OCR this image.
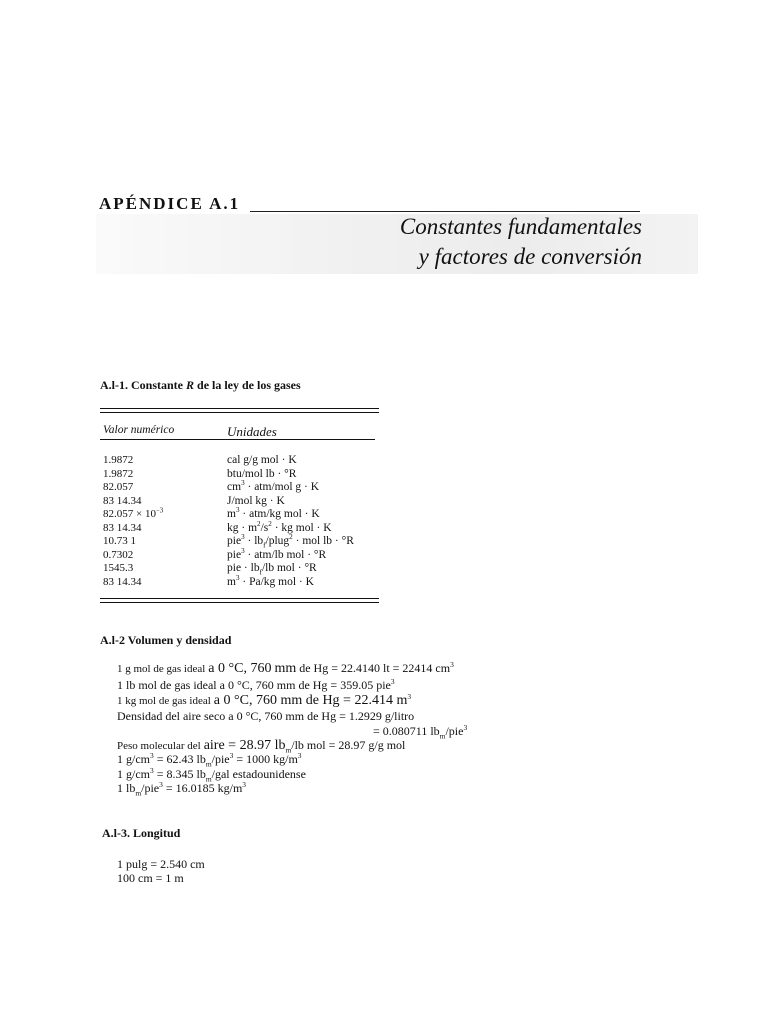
APÉNDICE A.1
Constantes fundamentales
y factores de conversión
A.l-1. Constante R de la ley de los gases
Valor numérico	Unidades
1.9872
1.9872
82.057
83 14.34
$82.057 \times 10^{-3}$
83 14.34
10.73 1
0.7302
1545.3
83 14.34
cal g/g mol · K
btu/mol lb · °R
$cm^3 \cdot atm/mol$ g · K
J/mol kg · K
$m^3 \cdot atm/kg$ mol · K
kg · $m^2/s^2$ · kg mol · K
$pie^3 \cdot lb_f/plug^2$ · mol lb · °R
pie$^3$ · atm/lb mol · °R
pie · $lb_f/lb$ mol · °R
$m^3 \cdot Pa/kg$ mol · K
A.l-2 Volumen y densidad
1 g mol de gas ideal a 0 °C, 760 mm de Hg = 22.4140 lt = 22414 $cm^3$
1 lb mol de gas ideal a 0 °C, 760 mm de Hg = 359.05 pie$^3$
1 kg mol de gas ideal a 0 °C, 760 mm de Hg = 22.414 $m^3$
Densidad del aire seco a 0 °C, 760 mm de Hg = 1.2929 g/litro
= 0.080711 $lb_m/pie^3$
Peso molecular del aire = 28.97 $lb_m/lb$ mol = 28.97 g/g mol
1 $g/cm^3 = 62.43$ $lb_m/pie^3 = 1000$ $kg/m^3$
1 $g/cm^3 = 8.345$ $lb_m$/gal estadounidense
1 $lb_m/pie^3 = 16.0185$ $kg/m^3$
A.l-3. Longitud
1 pulg = 2.540 cm
100 cm = 1 m
